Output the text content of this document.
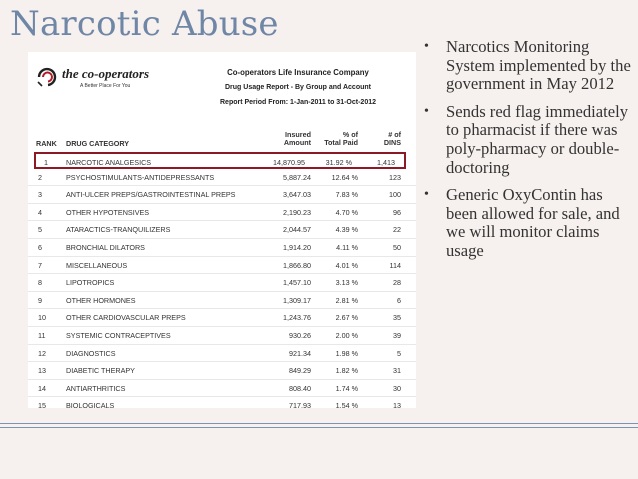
Narcotic Abuse
the co-operators
A Better Place For You
Co-operators Life Insurance Company
Drug Usage Report - By Group and Account
Report Period From: 1-Jan-2011 to 31-Oct-2012
RANK DRUG CATEGORY
Insured
Amount
% of
Total Paid
# of
DINS
1	NARCOTIC ANALGESICS	14,870.95	31.92 %	1,413
2	PSYCHOSTIMULANTS-ANTIDEPRESSANTS	5,887.24	12.64 %	123
3	ANTI-ULCER PREPS/GASTROINTESTINAL PREPS	3,647.03	7.83 %	100
4	OTHER HYPOTENSIVES	2,190.23	4.70 %	96
5	ATARACTICS-TRANQUILIZERS	2,044.57	4.39 %	22
6	BRONCHIAL DILATORS	1,914.20	4.11 %	50
7	MISCELLANEOUS	1,866.80	4.01 %	114
8	LIPOTROPICS	1,457.10	3.13 %	28
9	OTHER HORMONES	1,309.17	2.81 %	6
10	OTHER CARDIOVASCULAR PREPS	1,243.76	2.67 %	35
11	SYSTEMIC CONTRACEPTIVES	930.26	2.00 %	39
12	DIAGNOSTICS	921.34	1.98 %	5
13	DIABETIC THERAPY	849.29	1.82 %	31
14	ANTIARTHRITICS	808.40	1.74 %	30
15	BIOLOGICALS	717.93	1.54 %	13
• Narcotics Monitoring System implemented by the government in May 2012
• Sends red flag immediately to pharmacist if there was poly-pharmacy or double-doctoring
• Generic OxyContin has been allowed for sale, and we will monitor claims usage
